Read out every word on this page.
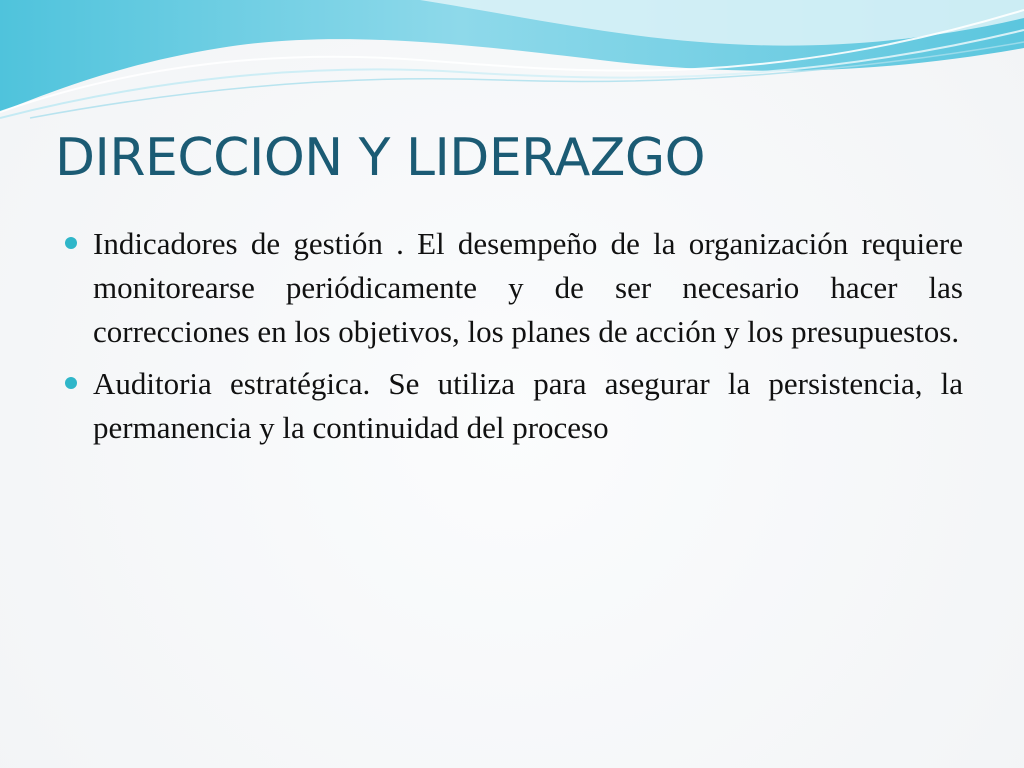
DIRECCION Y LIDERAZGO
Indicadores de gestión . El desempeño de la organización requiere monitorearse periódicamente y de ser necesario hacer las correcciones en los objetivos, los planes de acción y los presupuestos.
Auditoria estratégica. Se utiliza para asegurar la persistencia, la permanencia y la continuidad del proceso
